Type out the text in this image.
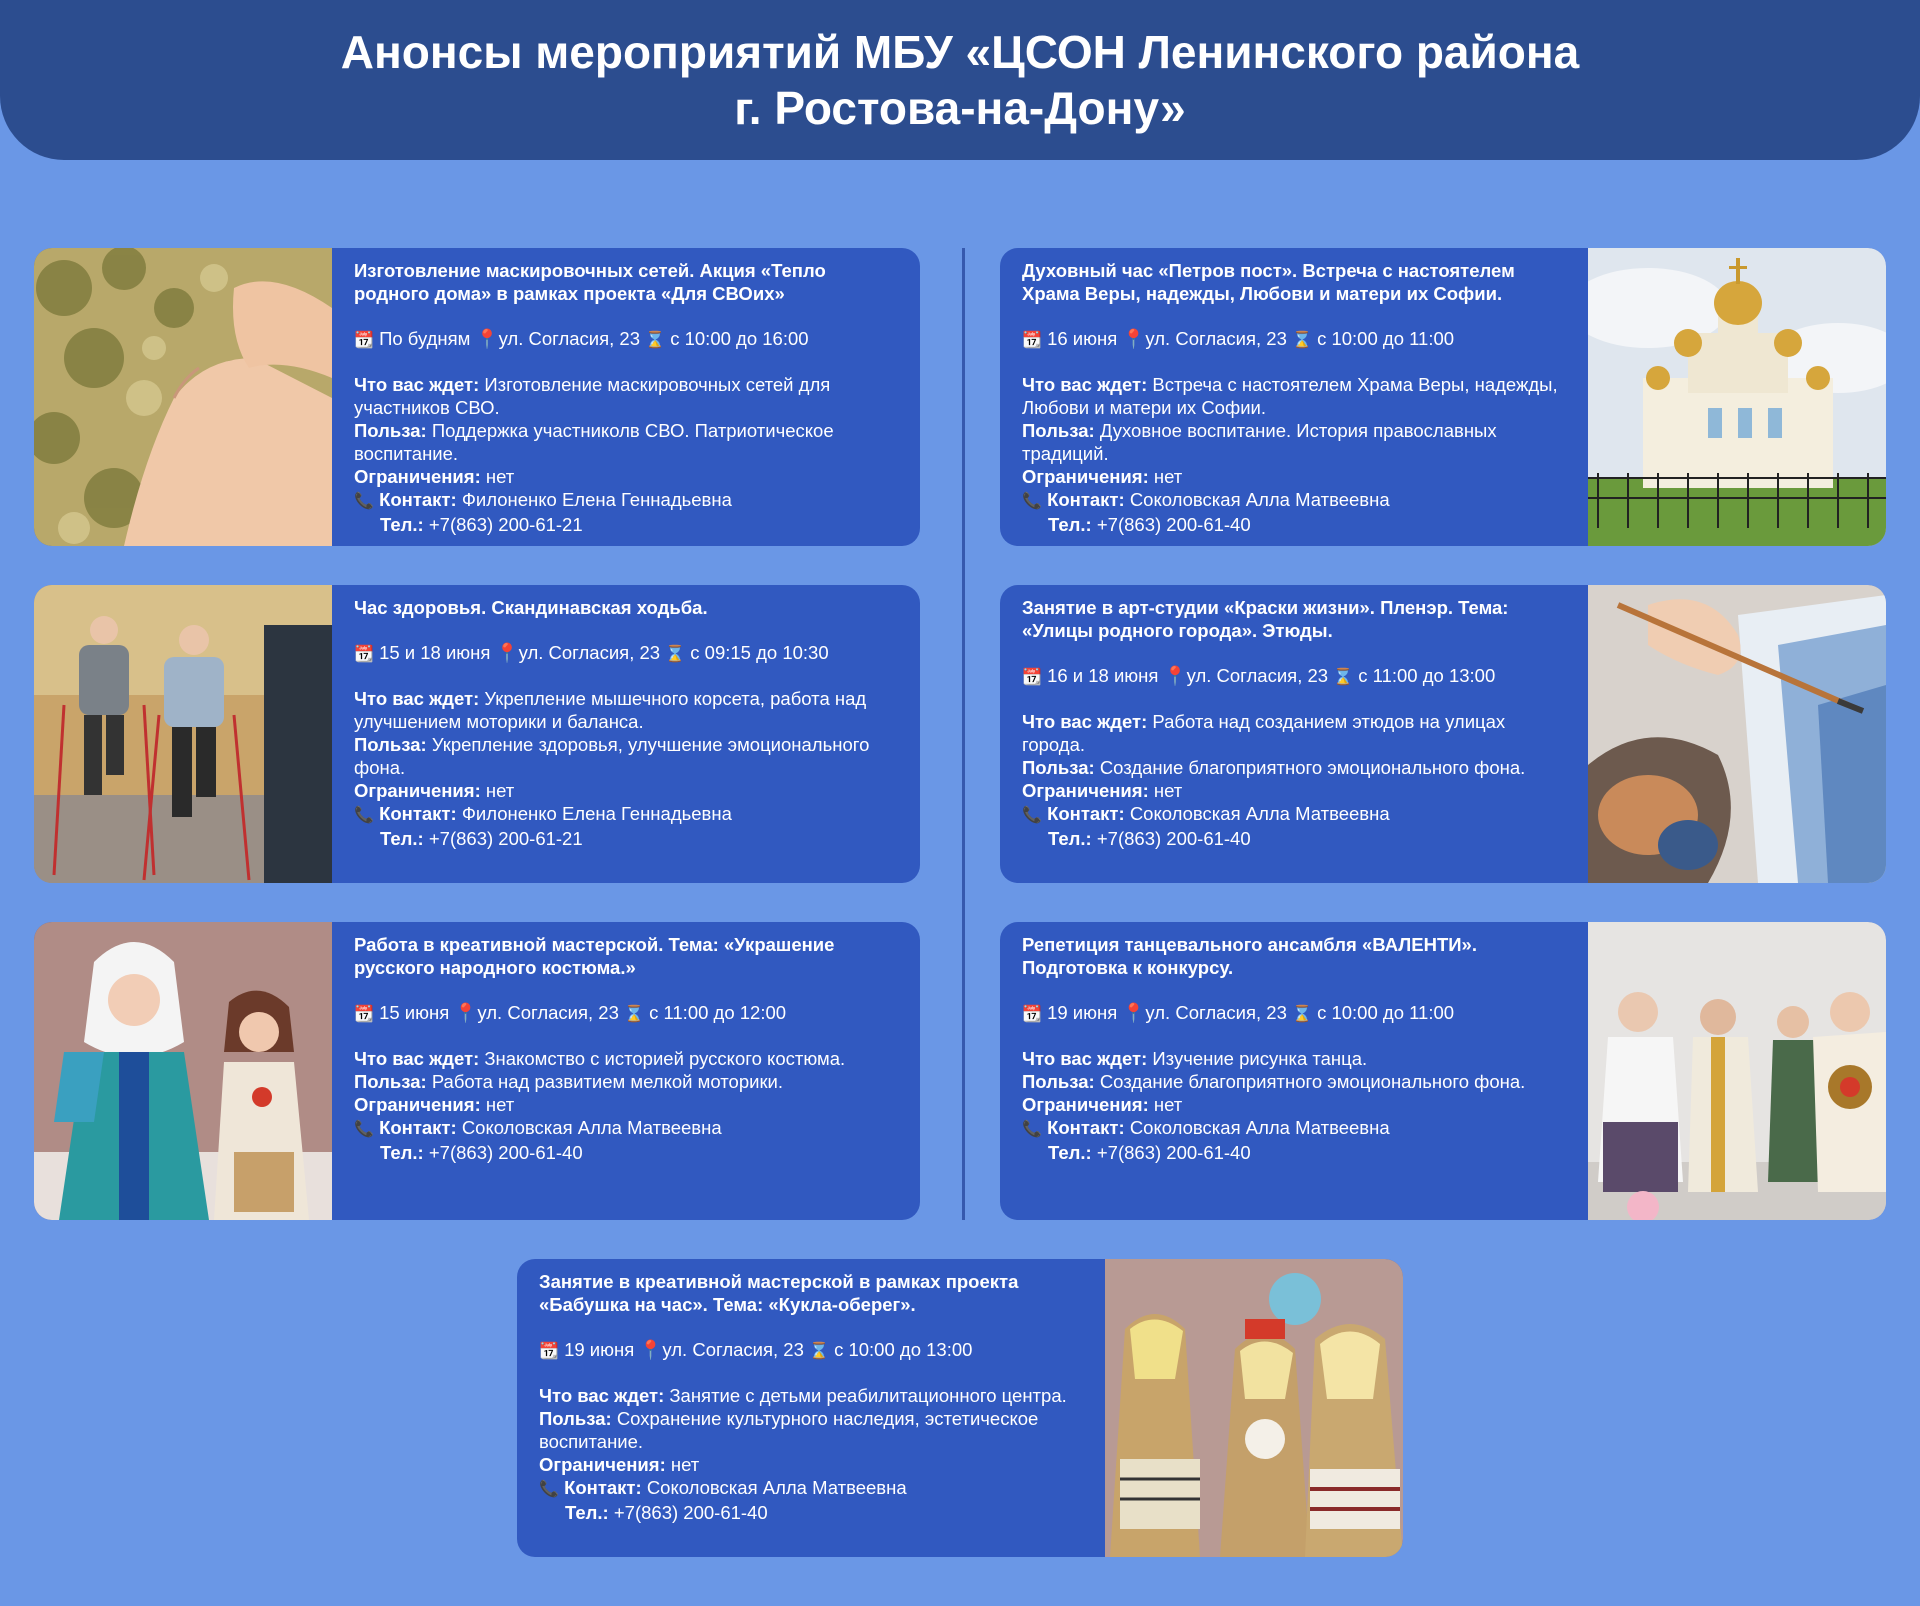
Анонсы мероприятий МБУ «ЦСОН Ленинского района
г. Ростова-на-Дону»
Изготовление маскировочных сетей. Акция «Тепло родного дома» в рамках проекта «Для СВОих»
📆 По будням 📍ул. Согласия, 23 ⌛ с 10:00 до 16:00
Что вас ждет: Изготовление маскировочных сетей для участников СВО.
Польза: Поддержка участниколв СВО. Патриотическое воспитание.
Ограничения: нет
📞 Контакт: Филоненко Елена Геннадьевна
Тел.: +7(863) 200-61-21
Духовный час «Петров пост». Встреча с настоятелем Храма Веры, надежды, Любови и матери их Софии.
📆 16 июня 📍ул. Согласия, 23 ⌛ с 10:00 до 11:00
Что вас ждет: Встреча с настоятелем Храма Веры, надежды, Любови и матери их Софии.
Польза: Духовное воспитание. История православных традиций.
Ограничения: нет
📞 Контакт: Соколовская Алла Матвеевна
Тел.: +7(863) 200-61-40
Час здоровья. Скандинавская ходьба.
📆 15 и 18 июня 📍ул. Согласия, 23 ⌛ с 09:15 до 10:30
Что вас ждет: Укрепление мышечного корсета, работа над улучшением моторики и баланса.
Польза: Укрепление здоровья, улучшение эмоционального фона.
Ограничения: нет
📞 Контакт: Филоненко Елена Геннадьевна
Тел.: +7(863) 200-61-21
Занятие в арт-студии «Краски жизни». Пленэр. Тема: «Улицы родного города». Этюды.
📆 16 и 18 июня 📍ул. Согласия, 23 ⌛ с 11:00 до 13:00
Что вас ждет: Работа над созданием этюдов на улицах города.
Польза: Создание благоприятного эмоционального фона.
Ограничения: нет
📞 Контакт: Соколовская Алла Матвеевна
Тел.: +7(863) 200-61-40
Работа в креативной мастерской. Тема: «Украшение русского народного костюма.»
📆 15 июня 📍ул. Согласия, 23 ⌛ с 11:00 до 12:00
Что вас ждет: Знакомство с историей русского костюма.
Польза: Работа над развитием мелкой моторики.
Ограничения: нет
📞 Контакт: Соколовская Алла Матвеевна
Тел.: +7(863) 200-61-40
Репетиция танцевального ансамбля «ВАЛЕНТИ». Подготовка к конкурсу.
📆 19 июня 📍ул. Согласия, 23 ⌛ с 10:00 до 11:00
Что вас ждет: Изучение рисунка танца.
Польза: Создание благоприятного эмоционального фона.
Ограничения: нет
📞 Контакт: Соколовская Алла Матвеевна
Тел.: +7(863) 200-61-40
Занятие в креативной мастерской в рамках проекта «Бабушка на час». Тема: «Кукла-оберег».
📆 19 июня 📍ул. Согласия, 23 ⌛ с 10:00 до 13:00
Что вас ждет: Занятие с детьми реабилитационного центра.
Польза: Сохранение культурного наследия, эстетическое воспитание.
Ограничения: нет
📞 Контакт: Соколовская Алла Матвеевна
Тел.: +7(863) 200-61-40
